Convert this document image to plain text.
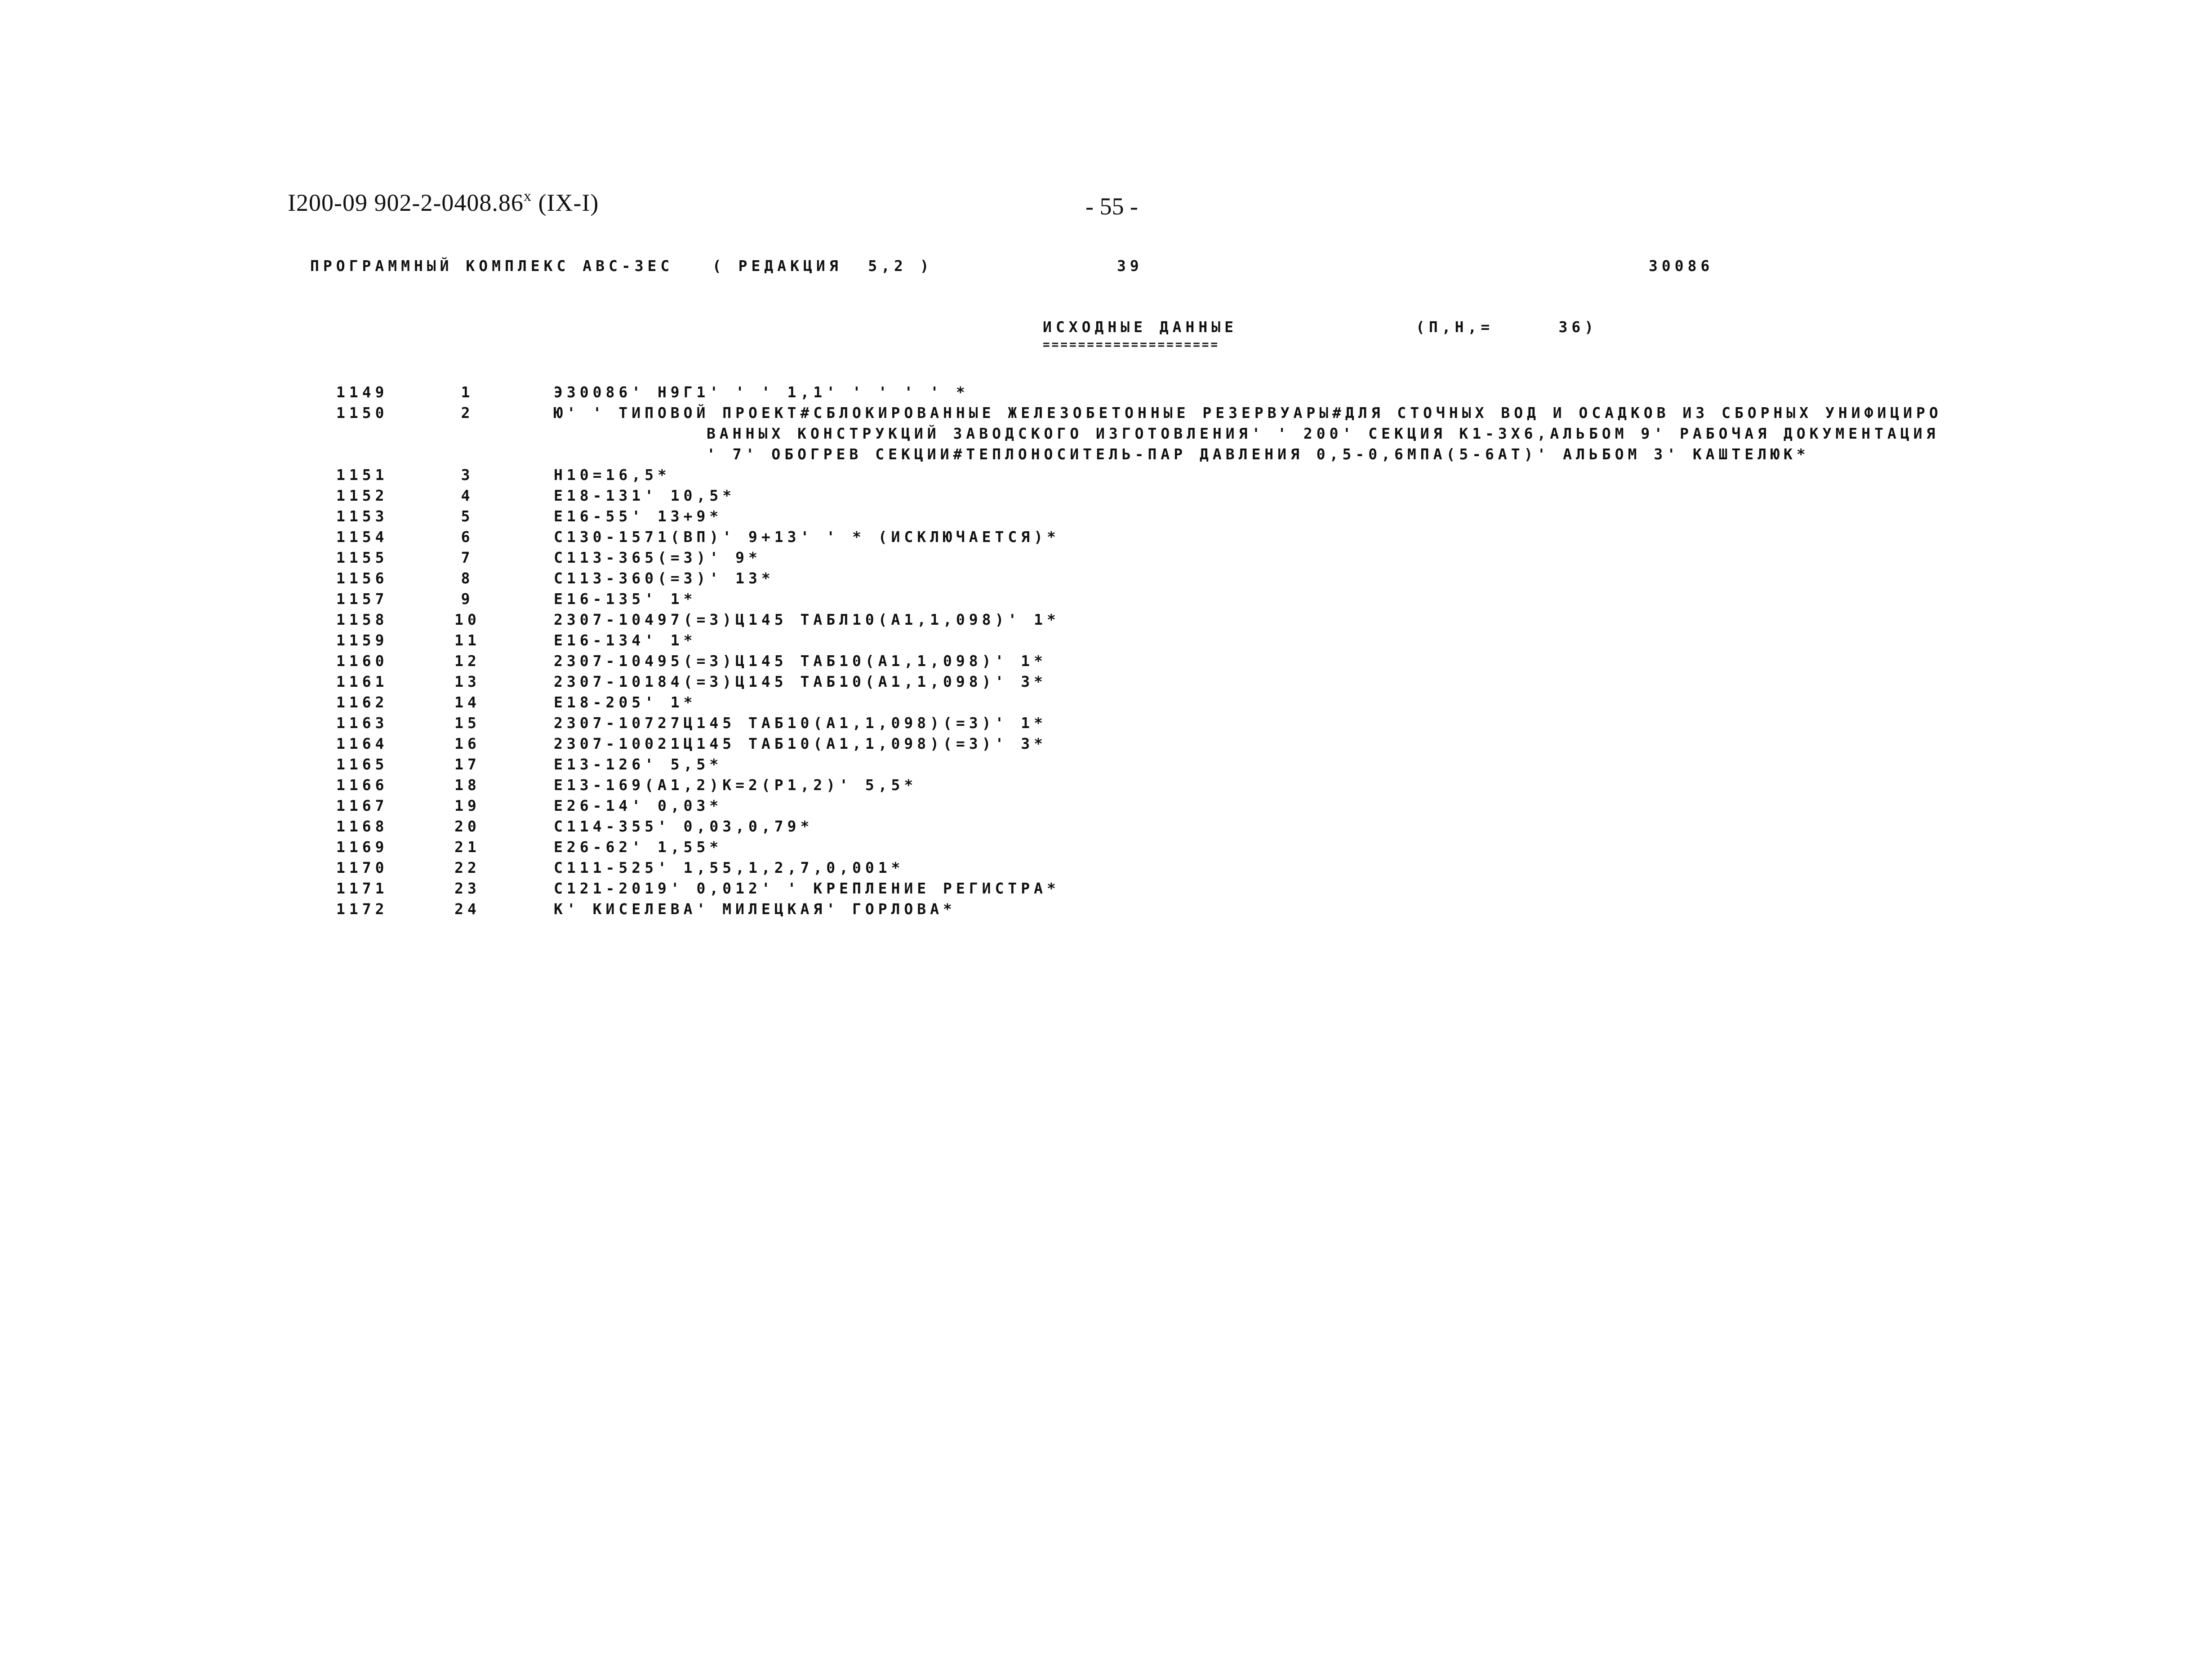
I200-09 902-2-0408.86$^x$ (IX-I)	- 55 -
ПРОГРАММНЫЙ КОМПЛЕКС АВС-3ЕС   ( РЕДАКЦИЯ  5,2 )	39	30086
ИСХОДНЫЕ ДАННЫЕ	(П,Н,=     36)
====================
1149	1	Э30086' Н9Г1' ' ' 1,1' ' ' ' ' *
1150	2	Ю' ' ТИПОВОЙ ПРОЕКТ#СБЛОКИРОВАННЫЕ ЖЕЛЕЗОБЕТОННЫЕ РЕЗЕРВУАРЫ#ДЛЯ СТОЧНЫХ ВОД И ОСАДКОВ ИЗ СБОРНЫХ УНИФИЦИРО
ВАННЫХ КОНСТРУКЦИЙ ЗАВОДСКОГО ИЗГОТОВЛЕНИЯ' ' 200' СЕКЦИЯ К1-3Х6,АЛЬБОМ 9' РАБОЧАЯ ДОКУМЕНТАЦИЯ
' 7' ОБОГРЕВ СЕКЦИИ#ТЕПЛОНОСИТЕЛЬ-ПАР ДАВЛЕНИЯ 0,5-0,6МПА(5-6АТ)' АЛЬБОМ 3' КАШТЕЛЮК*
1151	3	Н10=16,5*
1152	4	Е18-131' 10,5*
1153	5	Е16-55' 13+9*
1154	6	С130-1571(ВП)' 9+13' ' * (ИСКЛЮЧАЕТСЯ)*
1155	7	С113-365(=3)' 9*
1156	8	С113-360(=3)' 13*
1157	9	Е16-135' 1*
1158	10	2307-10497(=3)Ц145 ТАБЛ10(А1,1,098)' 1*
1159	11	Е16-134' 1*
1160	12	2307-10495(=3)Ц145 ТАБ10(А1,1,098)' 1*
1161	13	2307-10184(=3)Ц145 ТАБ10(А1,1,098)' 3*
1162	14	Е18-205' 1*
1163	15	2307-10727Ц145 ТАБ10(А1,1,098)(=3)' 1*
1164	16	2307-10021Ц145 ТАБ10(А1,1,098)(=3)' 3*
1165	17	Е13-126' 5,5*
1166	18	Е13-169(А1,2)К=2(Р1,2)' 5,5*
1167	19	Е26-14' 0,03*
1168	20	С114-355' 0,03,0,79*
1169	21	Е26-62' 1,55*
1170	22	С111-525' 1,55,1,2,7,0,001*
1171	23	С121-2019' 0,012' ' КРЕПЛЕНИЕ РЕГИСТРА*
1172	24	К' КИСЕЛЕВА' МИЛЕЦКАЯ' ГОРЛОВА*
